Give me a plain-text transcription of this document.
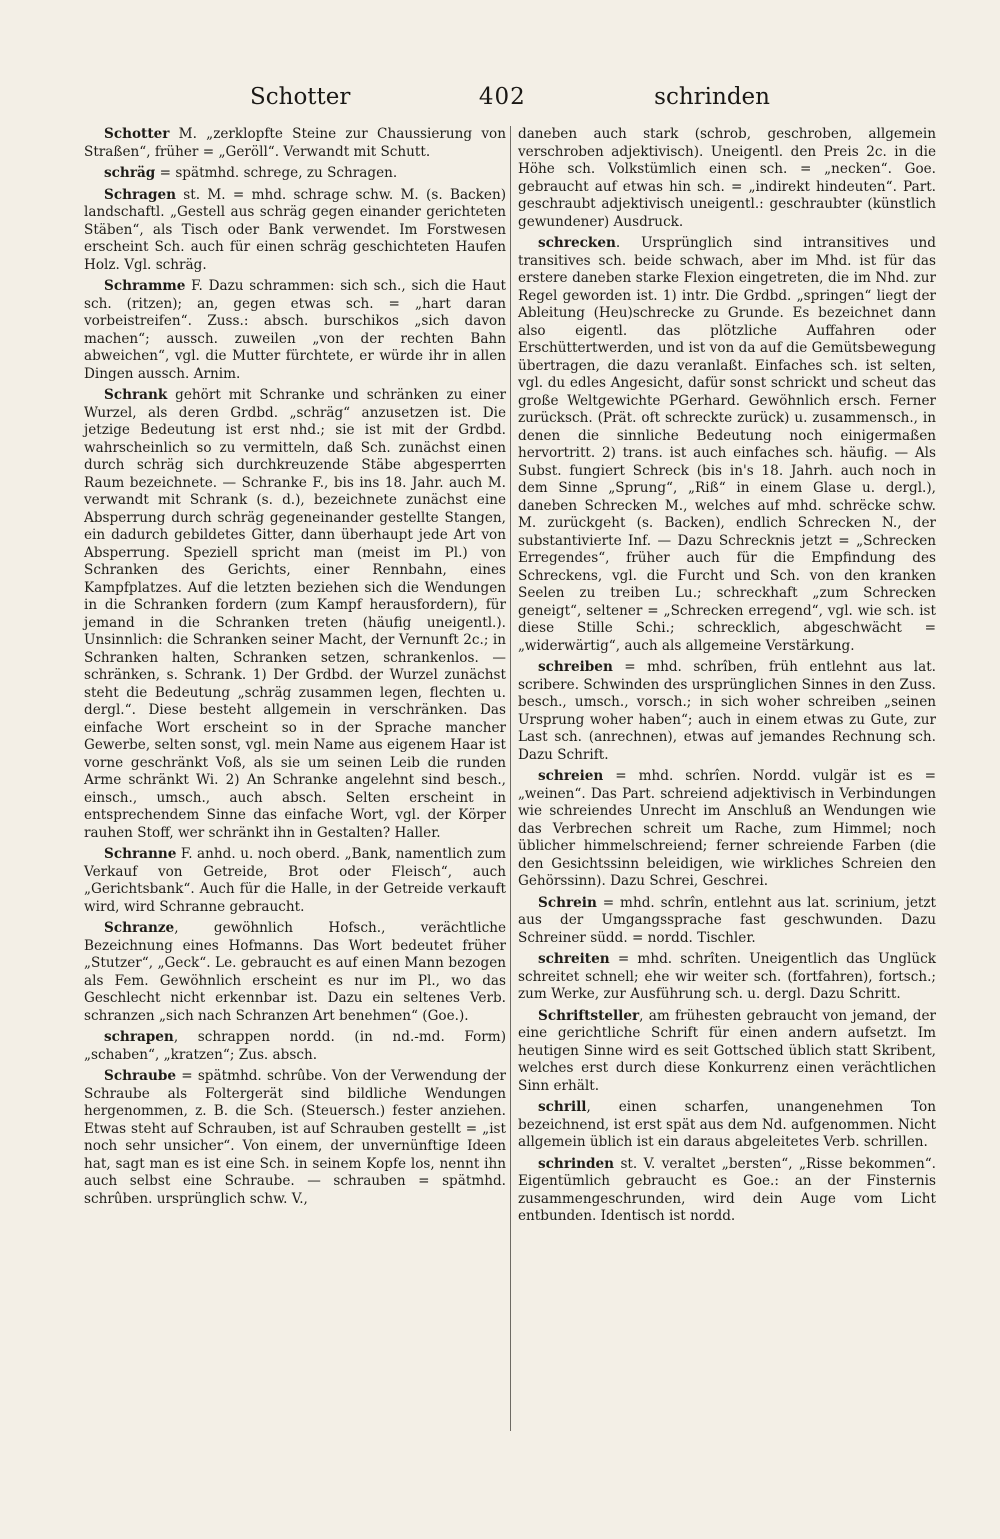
Schotter	402	schrinden

Schotter M. „zerklopfte Steine zur Chaussierung von Straßen“, früher = „Geröll“. Verwandt mit Schutt.

schräg = spätmhd. schrege, zu Schragen.

Schragen st. M. = mhd. schrage schw. M. (s. Backen) landschaftl. „Gestell aus schräg gegen einander gerichteten Stäben“, als Tisch oder Bank verwendet. Im Forstwesen erscheint Sch. auch für einen schräg geschichteten Haufen Holz. Vgl. schräg.

Schramme F. Dazu schrammen: sich sch., sich die Haut sch. (ritzen); an, gegen etwas sch. = „hart daran vorbeistreifen“. Zuss.: absch. burschikos „sich davon machen“; aussch. zuweilen „von der rechten Bahn abweichen“, vgl. die Mutter fürchtete, er würde ihr in allen Dingen aussch. Arnim.

Schrank gehört mit Schranke und schränken zu einer Wurzel, als deren Grdbd. „schräg“ anzusetzen ist. Die jetzige Bedeutung ist erst nhd.; sie ist mit der Grdbd. wahrscheinlich so zu vermitteln, daß Sch. zunächst einen durch schräg sich durchkreuzende Stäbe abgesperrten Raum bezeichnete. — Schranke F., bis ins 18. Jahr. auch M. verwandt mit Schrank (s. d.), bezeichnete zunächst eine Absperrung durch schräg gegeneinander gestellte Stangen, ein dadurch gebildetes Gitter, dann überhaupt jede Art von Absperrung. Speziell spricht man (meist im Pl.) von Schranken des Gerichts, einer Rennbahn, eines Kampfplatzes. Auf die letzten beziehen sich die Wendungen in die Schranken fordern (zum Kampf herausfordern), für jemand in die Schranken treten (häufig uneigentl.). Unsinnlich: die Schranken seiner Macht, der Vernunft 2c.; in Schranken halten, Schranken setzen, schrankenlos. — schränken, s. Schrank. 1) Der Grdbd. der Wurzel zunächst steht die Bedeutung „schräg zusammen legen, flechten u. dergl.“. Diese besteht allgemein in verschränken. Das einfache Wort erscheint so in der Sprache mancher Gewerbe, selten sonst, vgl. mein Name aus eigenem Haar ist vorne geschränkt Voß, als sie um seinen Leib die runden Arme schränkt Wi. 2) An Schranke angelehnt sind besch., einsch., umsch., auch absch. Selten erscheint in entsprechendem Sinne das einfache Wort, vgl. der Körper rauhen Stoff, wer schränkt ihn in Gestalten? Haller.

Schranne F. anhd. u. noch oberd. „Bank, namentlich zum Verkauf von Getreide, Brot oder Fleisch“, auch „Gerichtsbank“. Auch für die Halle, in der Getreide verkauft wird, wird Schranne gebraucht.

Schranze, gewöhnlich Hofsch., verächtliche Bezeichnung eines Hofmanns. Das Wort bedeutet früher „Stutzer“, „Geck“. Le. gebraucht es auf einen Mann bezogen als Fem. Gewöhnlich erscheint es nur im Pl., wo das Geschlecht nicht erkennbar ist. Dazu ein seltenes Verb. schranzen „sich nach Schranzen Art benehmen“ (Goe.).

schrapen, schrappen nordd. (in nd.-md. Form) „schaben“, „kratzen“; Zus. absch.

Schraube = spätmhd. schrûbe. Von der Verwendung der Schraube als Foltergerät sind bildliche Wendungen hergenommen, z. B. die Sch. (Steuersch.) fester anziehen. Etwas steht auf Schrauben, ist auf Schrauben gestellt = „ist noch sehr unsicher“. Von einem, der unvernünftige Ideen hat, sagt man es ist eine Sch. in seinem Kopfe los, nennt ihn auch selbst eine Schraube. — schrauben = spätmhd. schrûben. ursprünglich schw. V.,

daneben auch stark (schrob, geschroben, allgemein verschroben adjektivisch). Uneigentl. den Preis 2c. in die Höhe sch. Volkstümlich einen sch. = „necken“. Goe. gebraucht auf etwas hin sch. = „indirekt hindeuten“. Part. geschraubt adjektivisch uneigentl.: geschraubter (künstlich gewundener) Ausdruck.

schrecken. Ursprünglich sind intransitives und transitives sch. beide schwach, aber im Mhd. ist für das erstere daneben starke Flexion eingetreten, die im Nhd. zur Regel geworden ist. 1) intr. Die Grdbd. „springen“ liegt der Ableitung (Heu)schrecke zu Grunde. Es bezeichnet dann also eigentl. das plötzliche Auffahren oder Erschüttertwerden, und ist von da auf die Gemütsbewegung übertragen, die dazu veranlaßt. Einfaches sch. ist selten, vgl. du edles Angesicht, dafür sonst schrickt und scheut das große Weltgewichte PGerhard. Gewöhnlich ersch. Ferner zurücksch. (Prät. oft schreckte zurück) u. zusammensch., in denen die sinnliche Bedeutung noch einigermaßen hervortritt. 2) trans. ist auch einfaches sch. häufig. — Als Subst. fungiert Schreck (bis in's 18. Jahrh. auch noch in dem Sinne „Sprung“, „Riß“ in einem Glase u. dergl.), daneben Schrecken M., welches auf mhd. schrëcke schw. M. zurückgeht (s. Backen), endlich Schrecken N., der substantivierte Inf. — Dazu Schrecknis jetzt = „Schrecken Erregendes“, früher auch für die Empfindung des Schreckens, vgl. die Furcht und Sch. von den kranken Seelen zu treiben Lu.; schreckhaft „zum Schrecken geneigt“, seltener = „Schrecken erregend“, vgl. wie sch. ist diese Stille Schi.; schrecklich, abgeschwächt = „widerwärtig“, auch als allgemeine Verstärkung.

schreiben = mhd. schrîben, früh entlehnt aus lat. scribere. Schwinden des ursprünglichen Sinnes in den Zuss. besch., umsch., vorsch.; in sich woher schreiben „seinen Ursprung woher haben“; auch in einem etwas zu Gute, zur Last sch. (anrechnen), etwas auf jemandes Rechnung sch. Dazu Schrift.

schreien = mhd. schrîen. Nordd. vulgär ist es = „weinen“. Das Part. schreiend adjektivisch in Verbindungen wie schreiendes Unrecht im Anschluß an Wendungen wie das Verbrechen schreit um Rache, zum Himmel; noch üblicher himmelschreiend; ferner schreiende Farben (die den Gesichtssinn beleidigen, wie wirkliches Schreien den Gehörssinn). Dazu Schrei, Geschrei.

Schrein = mhd. schrîn, entlehnt aus lat. scrinium, jetzt aus der Umgangssprache fast geschwunden. Dazu Schreiner südd. = nordd. Tischler.

schreiten = mhd. schrîten. Uneigentlich das Unglück schreitet schnell; ehe wir weiter sch. (fortfahren), fortsch.; zum Werke, zur Ausführung sch. u. dergl. Dazu Schritt.

Schriftsteller, am frühesten gebraucht von jemand, der eine gerichtliche Schrift für einen andern aufsetzt. Im heutigen Sinne wird es seit Gottsched üblich statt Skribent, welches erst durch diese Konkurrenz einen verächtlichen Sinn erhält.

schrill, einen scharfen, unangenehmen Ton bezeichnend, ist erst spät aus dem Nd. aufgenommen. Nicht allgemein üblich ist ein daraus abgeleitetes Verb. schrillen.

schrinden st. V. veraltet „bersten“, „Risse bekommen“. Eigentümlich gebraucht es Goe.: an der Finsternis zusammengeschrunden, wird dein Auge vom Licht entbunden. Identisch ist nordd.
